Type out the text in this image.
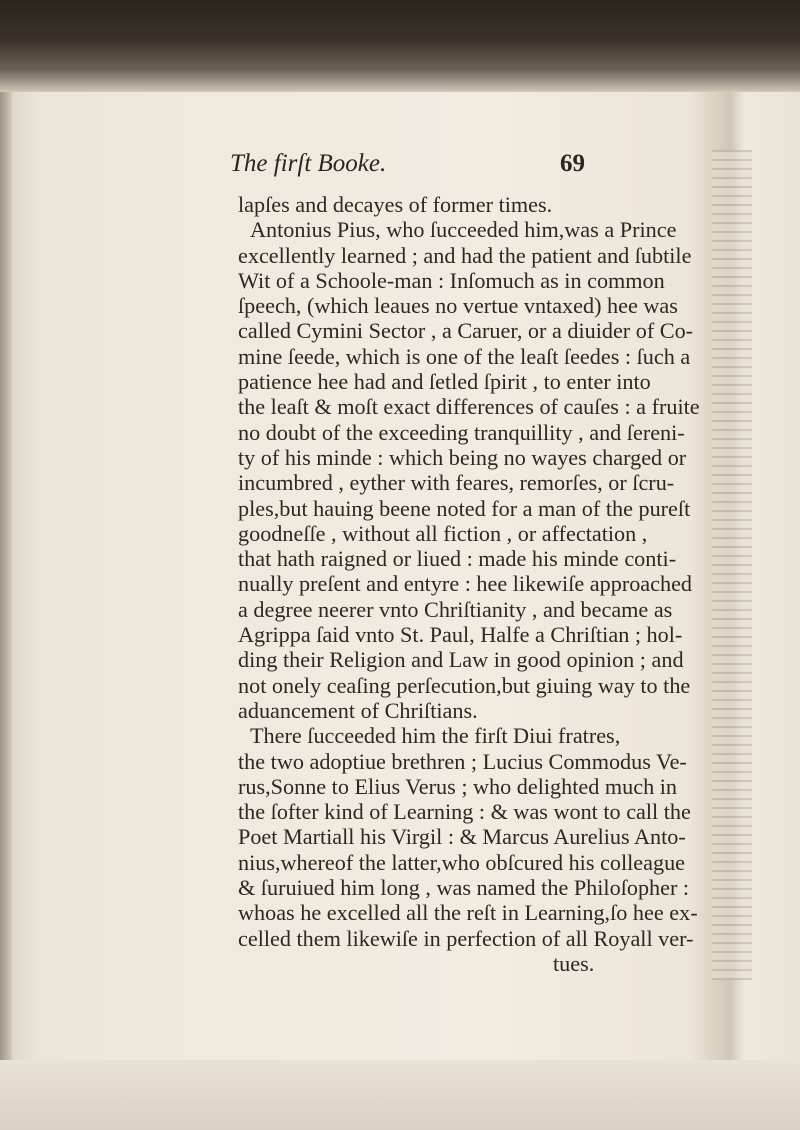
The firſt Booke.	69
lapſes and decayes of former times.
Antonius Pius, who ſucceeded him,was a Prince
excellently learned ; and had the patient and ſubtile
Wit of a Schoole-man : Inſomuch as in common
ſpeech, (which leaues no vertue vntaxed) hee was
called Cymini Sector , a Caruer, or a diuider of Co-
mine ſeede, which is one of the leaſt ſeedes : ſuch a
patience hee had and ſetled ſpirit , to enter into
the leaſt & moſt exact differences of cauſes : a fruite
no doubt of the exceeding tranquillity , and ſereni-
ty of his minde : which being no wayes charged or
incumbred , eyther with feares, remorſes, or ſcru-
ples,but hauing beene noted for a man of the pureſt
goodneſſe , without all fiction , or affectation ,
that hath raigned or liued : made his minde conti-
nually preſent and entyre : hee likewiſe approached
a degree neerer vnto Chriſtianity , and became as
Agrippa ſaid vnto St. Paul, Halfe a Chriſtian ; hol-
ding their Religion and Law in good opinion ; and
not onely ceaſing perſecution,but giuing way to the
aduancement of Chriſtians.
There ſucceeded him the firſt Diui fratres,
the two adoptiue brethren ; Lucius Commodus Ve-
rus,Sonne to Elius Verus ; who delighted much in
the ſofter kind of Learning : & was wont to call the
Poet Martiall his Virgil : & Marcus Aurelius Anto-
nius,whereof the latter,who obſcured his colleague
& ſuruiued him long , was named the Philoſopher :
whoas he excelled all the reſt in Learning,ſo hee ex-
celled them likewiſe in perfection of all Royall ver-
tues.
